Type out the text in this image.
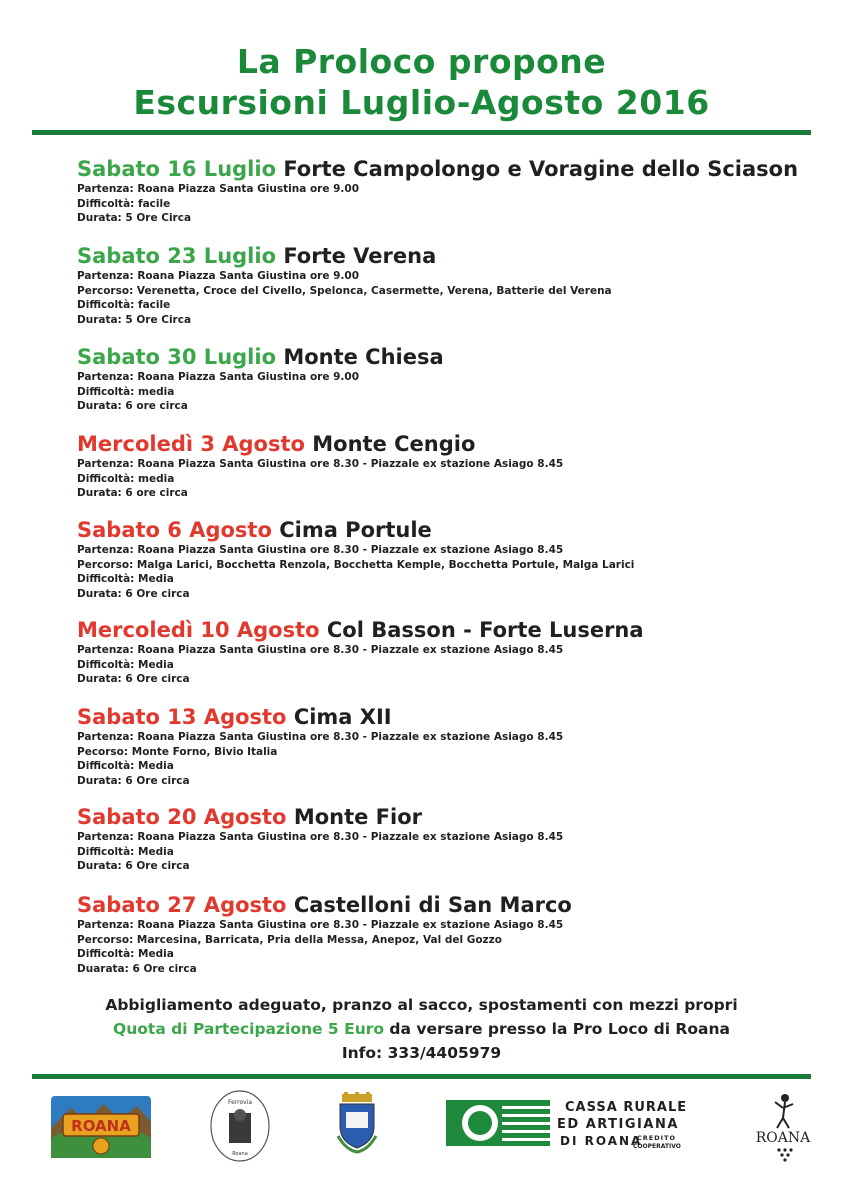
La Proloco propone
Escursioni Luglio-Agosto 2016
Sabato 16 Luglio Forte Campolongo e Voragine dello Sciason
Partenza: Roana Piazza Santa Giustina ore 9.00
Difficoltà: facile
Durata: 5 Ore Circa
Sabato 23 Luglio Forte Verena
Partenza: Roana Piazza Santa Giustina ore 9.00
Percorso: Verenetta, Croce del Civello, Spelonca, Casermette, Verena, Batterie del Verena
Difficoltà: facile
Durata: 5 Ore Circa
Sabato 30 Luglio Monte Chiesa
Partenza: Roana Piazza Santa Giustina ore 9.00
Difficoltà: media
Durata: 6 ore circa
Mercoledì 3 Agosto Monte Cengio
Partenza: Roana Piazza Santa Giustina ore 8.30 - Piazzale ex stazione Asiago 8.45
Difficoltà: media
Durata: 6 ore circa
Sabato 6 Agosto Cima Portule
Partenza: Roana Piazza Santa Giustina ore 8.30 - Piazzale ex stazione Asiago 8.45
Percorso: Malga Larici, Bocchetta Renzola, Bocchetta Kemple, Bocchetta Portule, Malga Larici
Difficoltà: Media
Durata: 6 Ore circa
Mercoledì 10 Agosto Col Basson - Forte Luserna
Partenza: Roana Piazza Santa Giustina ore 8.30 - Piazzale ex stazione Asiago 8.45
Difficoltà: Media
Durata: 6 Ore circa
Sabato 13 Agosto Cima XII
Partenza: Roana Piazza Santa Giustina ore 8.30 - Piazzale ex stazione Asiago 8.45
Pecorso: Monte Forno, Bivio Italia
Difficoltà: Media
Durata: 6 Ore circa
Sabato 20 Agosto Monte Fior
Partenza: Roana Piazza Santa Giustina ore 8.30 - Piazzale ex stazione Asiago 8.45
Difficoltà: Media
Durata: 6 Ore circa
Sabato 27 Agosto Castelloni di San Marco
Partenza: Roana Piazza Santa Giustina ore 8.30 - Piazzale ex stazione Asiago 8.45
Percorso: Marcesina, Barricata, Pria della Messa, Anepoz, Val del Gozzo
Difficoltà: Media
Duarata: 6 Ore circa
Abbigliamento adeguato, pranzo al sacco, spostamenti con mezzi propri
Quota di Partecipazione 5 Euro da versare presso la Pro Loco di Roana
Info: 333/4405979
ROANA
Ferrovia
Roana
CASSA RURALE
ED ARTIGIANA
DI ROANA
CREDITO
COOPERATIVO
ROANA
